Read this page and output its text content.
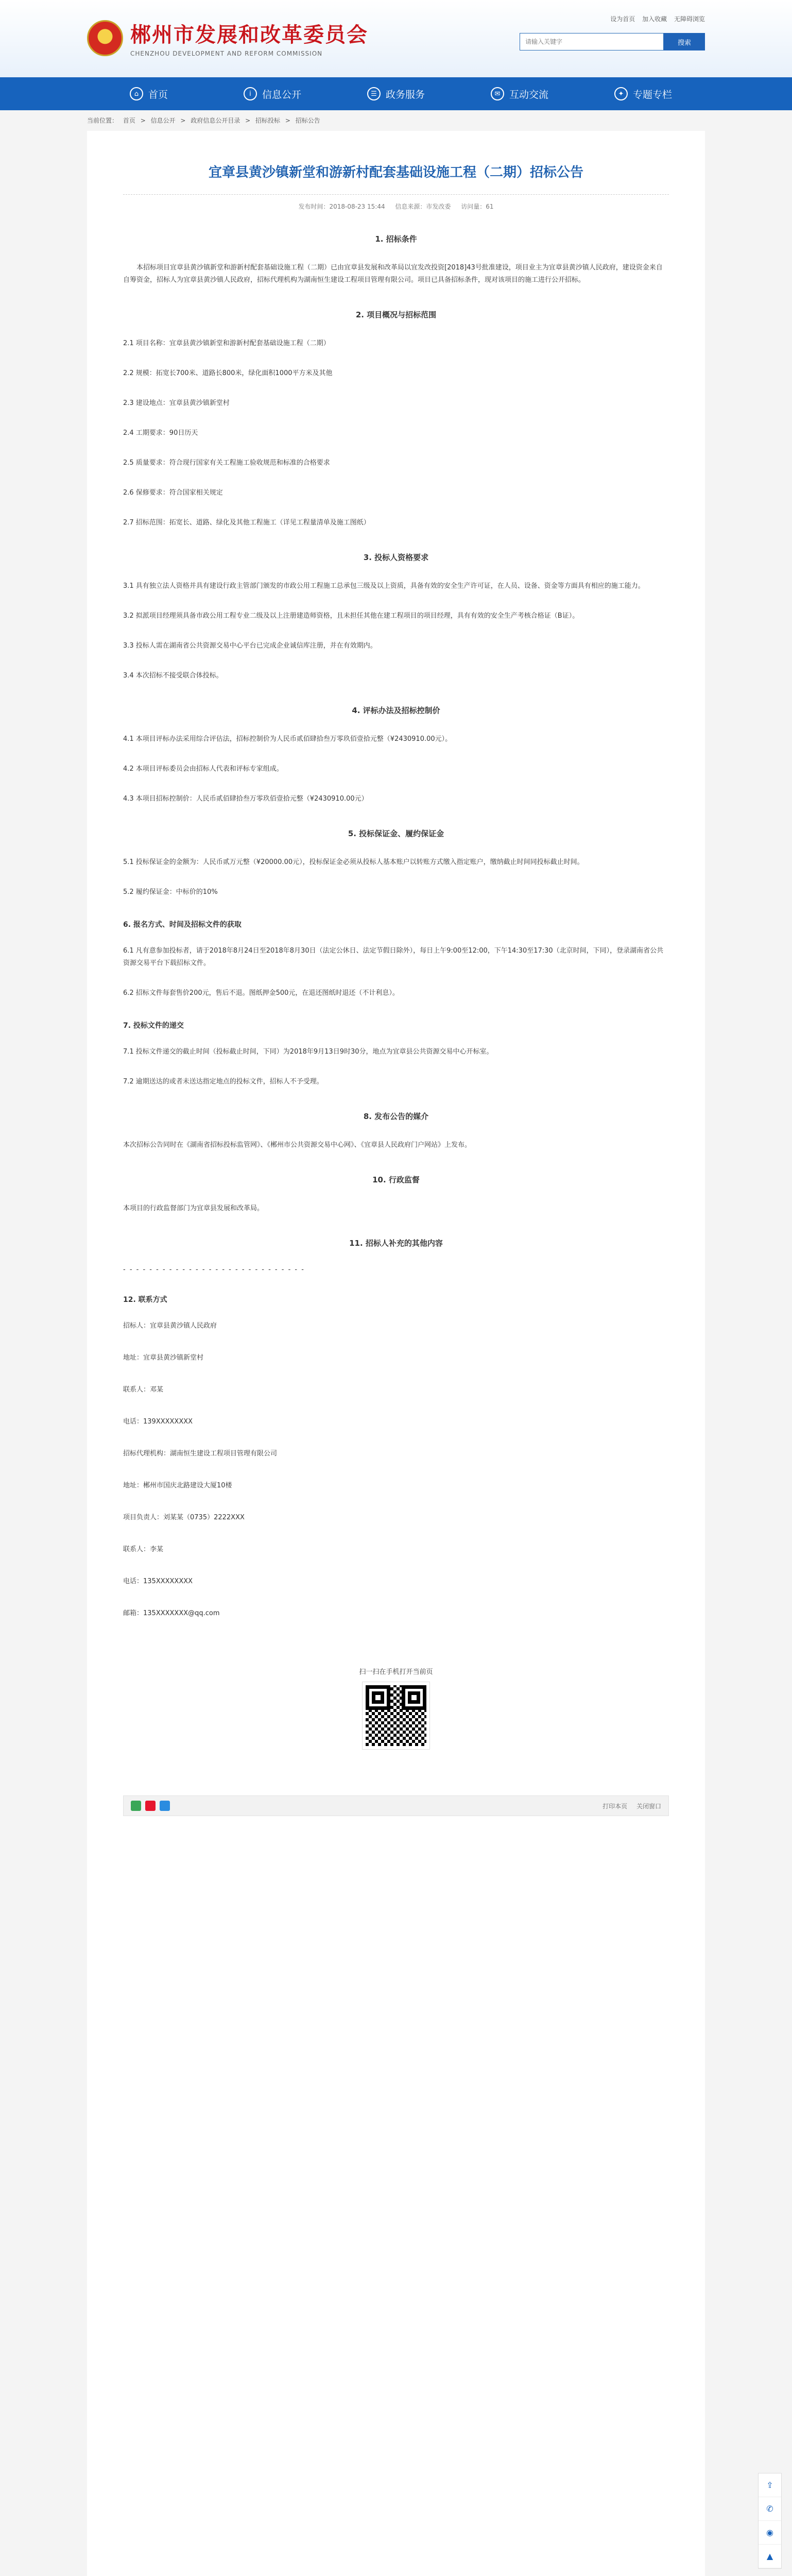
设为首页 加入收藏 无障碍浏览
★ 郴州市发展和改革委员会
CHENZHOU DEVELOPMENT AND REFORM COMMISSION
请输入关键字
搜索
⌂ 首页	i	信息公开	☰ 政务服务	✉ 互动交流	✦ 专题专栏
当前位置： 首页 > 信息公开 > 政府信息公开目录 > 招标投标 > 招标公告
宜章县黄沙镇新堂和游新村配套基础设施工程（二期）招标公告
发布时间：2018-08-23 15:44 信息来源：市发改委 访问量：61
1. 招标条件
本招标项目宜章县黄沙镇新堂和游新村配套基础设施工程（二期）已由宜章县发展和改革局以宜发改投资[2018]43号批准建设，项目业主为宜章县黄沙镇人民政府，建设资金来自自筹资金，招标人为宜章县黄沙镇人民政府，招标代理机构为湖南恒生建设工程项目管理有限公司。项目已具备招标条件，现对该项目的施工进行公开招标。
2. 项目概况与招标范围
2.1 项目名称：宜章县黄沙镇新堂和游新村配套基础设施工程（二期）
2.2 规模：拓宽长700米、道路长800米，绿化面积1000平方米及其他
2.3 建设地点：宜章县黄沙镇新堂村
2.4 工期要求：90日历天
2.5 质量要求：符合现行国家有关工程施工验收规范和标准的合格要求
2.6 保修要求：符合国家相关规定
2.7 招标范围：拓宽长、道路、绿化及其他工程施工（详见工程量清单及施工图纸）
3. 投标人资格要求
3.1 具有独立法人资格并具有建设行政主管部门颁发的市政公用工程施工总承包三级及以上资质，具备有效的安全生产许可证，在人员、设备、资金等方面具有相应的施工能力。
3.2 拟派项目经理须具备市政公用工程专业二级及以上注册建造师资格，且未担任其他在建工程项目的项目经理，具有有效的安全生产考核合格证（B证）。
3.3 投标人需在湖南省公共资源交易中心平台已完成企业诚信库注册，并在有效期内。
3.4 本次招标不接受联合体投标。
4. 评标办法及招标控制价
4.1 本项目评标办法采用综合评估法，招标控制价为人民币贰佰肆拾叁万零玖佰壹拾元整（¥2430910.00元）。
4.2 本项目评标委员会由招标人代表和评标专家组成。
4.3 本项目招标控制价：人民币贰佰肆拾叁万零玖佰壹拾元整（¥2430910.00元）
5. 投标保证金、履约保证金
5.1 投标保证金的金额为：人民币贰万元整（¥20000.00元），投标保证金必须从投标人基本账户以转账方式缴入指定账户，缴纳截止时间同投标截止时间。
5.2 履约保证金：中标价的10%
6. 报名方式、时间及招标文件的获取
6.1 凡有意参加投标者，请于2018年8月24日至2018年8月30日（法定公休日、法定节假日除外），每日上午9:00至12:00，下午14:30至17:30（北京时间，下同），登录湖南省公共资源交易平台下载招标文件。
6.2 招标文件每套售价200元，售后不退。图纸押金500元，在退还图纸时退还（不计利息）。
7. 投标文件的递交
7.1 投标文件递交的截止时间（投标截止时间，下同）为2018年9月13日9时30分，地点为宜章县公共资源交易中心开标室。
7.2 逾期送达的或者未送达指定地点的投标文件，招标人不予受理。
8. 发布公告的媒介
本次招标公告同时在《湖南省招标投标监管网》、《郴州市公共资源交易中心网》、《宜章县人民政府门户网站》上发布。
10. 行政监督
本项目的行政监督部门为宜章县发展和改革局。
11. 招标人补充的其他内容
- - - - - - - - - - - - - - - - - - - - - - - - - - - -
12. 联系方式

招标人：宜章县黄沙镇人民政府

地址：宜章县黄沙镇新堂村

联系人：邓某

电话：139XXXXXXXX

招标代理机构：湖南恒生建设工程项目管理有限公司

地址：郴州市国庆北路建设大厦10楼

项目负责人：刘某某（0735）2222XXX

联系人：李某

电话：135XXXXXXXX

邮箱：135XXXXXXX@qq.com

扫一扫在手机打开当前页
打印本页 关闭窗口
⇪
✆
◉
▲
